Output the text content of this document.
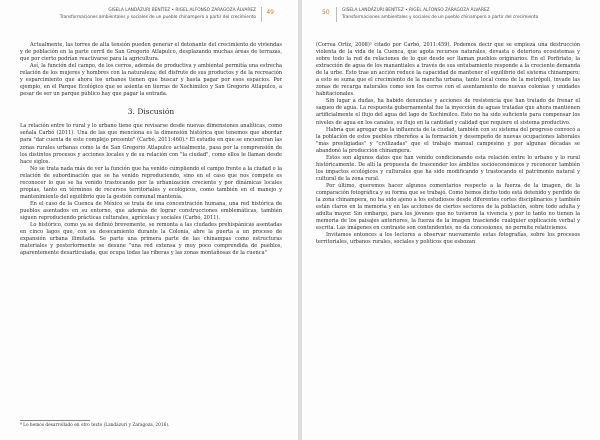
GISELA LANDÁZURI BENÍTEZ • RIGEL ALFONSO ZARAGOZA ÁLVAREZ
Transformaciones ambientales y sociales de un pueblo chinampero a partir del crecimiento
49

Actualmente, las torres de alta tensión pueden generar el detonante del crecimiento de viviendas y de población en la parte cerril de San Gregorio Atlapulco, desplazando muchas áreas de terrazas, que por cierto podrían reactivarse para la agricultura.

Así, la función del campo, de los cerros, además de productiva y ambiental permitía una estrecha relación de los mujeres y hombres con la naturaleza; del disfrute de sus productos y de la recreación y esparcimiento que ahora los urbanos tienen que buscar y hasta pagar por esos espacios. Por ejemplo, en el Parque Ecológico que se asienta en tierras de Xochimilco y San Gregorio Atlapulco, a pesar de ser un parque público hay que pagar la entrada.

3. Discusión

La relación entre lo rural y lo urbano tiene que revisarse desde nuevas dimensiones analíticas, como señala Carbó (2011). Una de las que menciona es la dimensión histórica que tenemos que abordar para "dar cuenta de este complejo presente" (Carbó, 2011:460).⁴ El estudio en que se encuentran las zonas rurales urbanas como la de San Gregorio Atlapulco actualmente, pasa por la comprensión de los distintos procesos y acciones locales y de su relación con "la ciudad", como ellos le llaman desde hace siglos.

No se trata nada más de ver la función que ha venido cumpliendo el campo frente a la ciudad o la relación de subordinación que se ha venido reproduciendo, sino en el caso que nos compete es reconocer lo que se ha venido trastocando por la urbanización creciente y por dinámicas locales propias, tanto en términos de recursos territoriales y ecológicos, como también en el manejo y mantenimiento del equilibrio que la gestión comunal mantenía.

En el caso de la Cuenca de México se trata de una concentración humana, una red histórica de pueblos asentados en su entorno, que además de lograr construcciones emblemáticas, también siguen reproduciendo prácticas culturales, agrícolas y sociales (Carbó, 2011).

Lo histórico, como ya se definió brevemente, se remonta a las ciudades prehispánicas asentadas en cinco lagos que, con su desecamiento durante la Colonia, abre la puerta a un proceso de expansión urbana ilimitada. Se parte una primera parte de las chinampas como estructuras materiales y posteriormente se desune "una red extensa y muy poco comprendida de pueblos, aparentemente desarticulada, que ocupa todas las riberas y las zonas montañosas de la cuenca"

⁴ Lo hemos desarrollado en otro texto (Landázuri y Zaragoza, 2016).
50	GISELA LANDÁZURI BENÍTEZ • RIGEL ALFONSO ZARAGOZA ÁLVAREZ
Transformaciones ambientales y sociales de un pueblo chinampero a partir del crecimiento

(Correa Ortiz, 2008)⁵ citado por Carbó, 2011:459). Podemos decir que se empieza una destrucción violenta de la vida de la Cuenca, que agota recursos naturales, devasta o deteriora ecosistemas y sobre todo la red de relaciones de lo que desde ser llaman pueblos originarios. En el Porfiriato, la extracción de agua de los manantiales a través de sus entubamiento responde a la creciente demanda de la urbe. Esto trae un acción reduce la capacidad de mantener el equilibrio del sistema chinampero; a esto se suma que el crecimiento de la mancha urbana, tanto local como de la metrópoli, invade las zonas de recarga naturales como son los cerros con el asentamiento de nuevas colonias y unidades habitacionales.

Sin lugar a dudas, ha habido denuncias y acciones de resistencia que han tratado de frenar el saqueo de agua. La respuesta gubernamental fue la inyección de aguas tratadas que ahora mantienen artificialmente el flujo del agua del lago de Xochimilco. Esto no ha sido suficiente para compensar los niveles de agua en los canales, su flujo en la cantidad y calidad que requiere el sistema productivo.

Habría que agregar que la influencia de la ciudad, también con su sistema del progreso convocó a la población de estos pueblos ribereños a la formación y desempeño de nuevas ocupaciones laborales "más prestigiadas" y "civilizadas" que el trabajo manual campesino y por algunas décadas se abandonó la producción chinampera.

Estos son algunos datos que han venido condicionando esta relación entre lo urbano y lo rural históricamente. De allí la propuesta de trascender los ámbitos socioeconómicos y reconocer también los impactos ecológicos y culturales que ha sido modificando y trastocando el patrimonio natural y cultural de la zona rural.

Por último, queremos hacer algunos comentarios respecto a la fuerza de la imagen, de la comparación fotográfica y su forma que se trabajó. Como hemos dicho todo está detenido y perdido de la zona chinampera, no ha sido ajeno a los estudiosos desde diferentes cortes disciplinarios y también están claros en la memoria y en las acciones de ciertos sectores de la población, sobre todo adulta y adulta mayor. Sin embargo, para los jóvenes que no tuvieron la vivencia y por lo tanto no tienen la memoria de los paisajes anteriores, la fuerza de la imagen trasciende cualquier explicación verbal y escrita. Las imágenes en contraste son contundentes, no da concesiones, no permite relativismos.

Invitamos entonces a los lectores a observar nuevamente estas fotografías, sobre los procesos territoriales, urbanos rurales, sociales y políticos que esbozan
